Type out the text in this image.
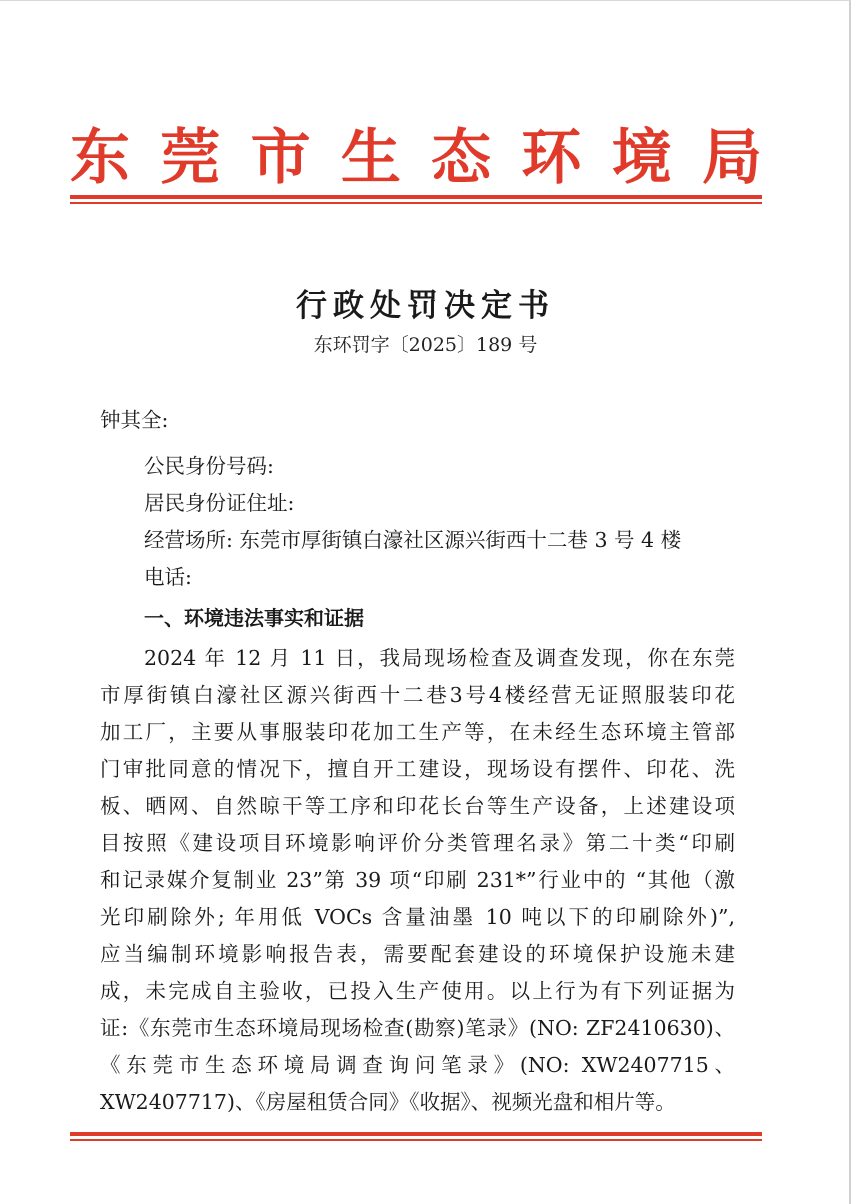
东 莞 市 生 态 环 境 局
行政处罚决定书
东环罚字〔2025〕189 号
钟其全:
公民身份号码:
居民身份证住址:
经营场所: 东莞市厚街镇白濠社区源兴街西十二巷 3 号 4 楼
电话:
一、环境违法事实和证据
2024 年 12 月 11 日，我局现场检查及调查发现，你在东莞
市厚街镇白濠社区源兴街西十二巷3号4楼经营无证照服装印花
加工厂，主要从事服装印花加工生产等，在未经生态环境主管部
门审批同意的情况下，擅自开工建设，现场设有摆件、印花、洗
板、晒网、自然晾干等工序和印花长台等生产设备，上述建设项
目按照《建设项目环境影响评价分类管理名录》第二十类“印刷
和记录媒介复制业 23”第 39 项“印刷 231*”行业中的 “其他（激
光印刷除外; 年用低 VOCs 含量油墨 10 吨以下的印刷除外)”,
应当编制环境影响报告表，需要配套建设的环境保护设施未建
成，未完成自主验收，已投入生产使用。以上行为有下列证据为
证:《东莞市生态环境局现场检查(勘察)笔录》(NO: ZF2410630)、
《东莞市生态环境局调查询问笔录》(NO: XW2407715、
XW2407717)、《房屋租赁合同》《收据》、视频光盘和相片等。
